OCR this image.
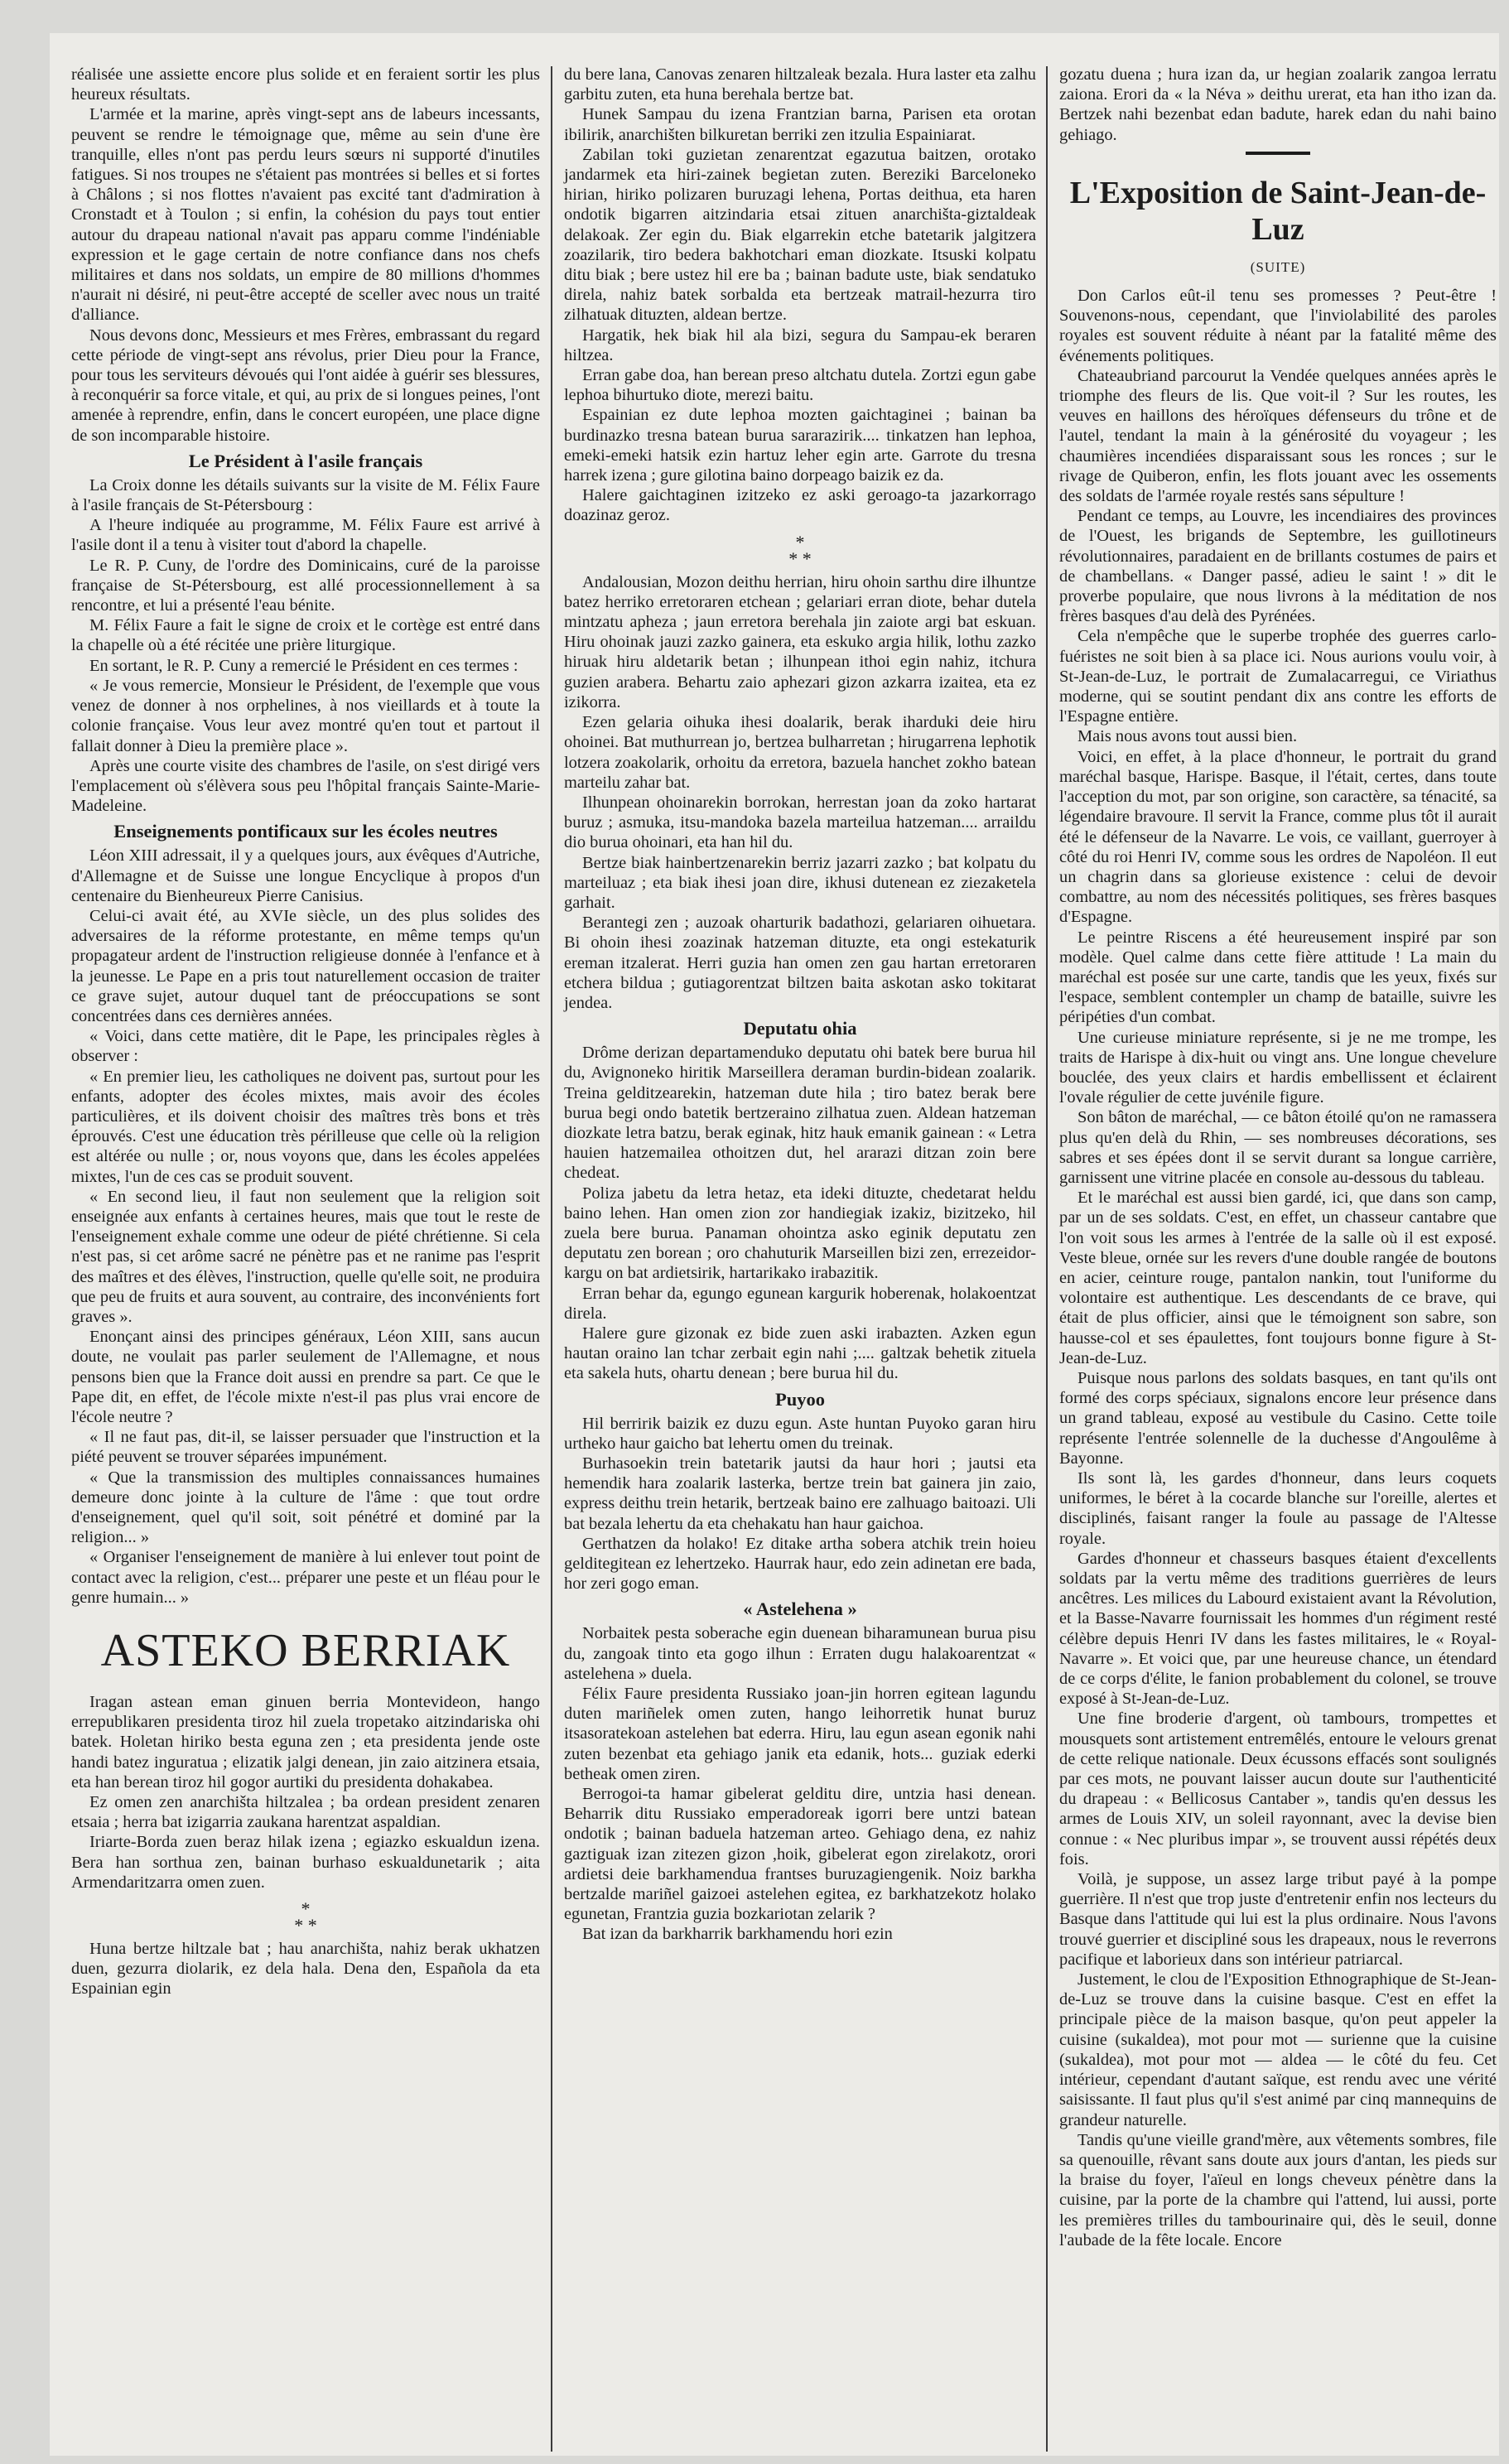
réalisée une assiette encore plus solide et en feraient sortir les plus heureux résultats.

L'armée et la marine, après vingt-sept ans de labeurs incessants, peuvent se rendre le témoignage que, même au sein d'une ère tranquille, elles n'ont pas perdu leurs sœurs ni supporté d'inutiles fatigues. Si nos troupes ne s'étaient pas montrées si belles et si fortes à Châlons ; si nos flottes n'avaient pas excité tant d'admiration à Cronstadt et à Toulon ; si enfin, la cohésion du pays tout entier autour du drapeau national n'avait pas apparu comme l'indéniable expression et le gage certain de notre confiance dans nos chefs militaires et dans nos soldats, un empire de 80 millions d'hommes n'aurait ni désiré, ni peut-être accepté de sceller avec nous un traité d'alliance.

Nous devons donc, Messieurs et mes Frères, embrassant du regard cette période de vingt-sept ans révolus, prier Dieu pour la France, pour tous les serviteurs dévoués qui l'ont aidée à guérir ses blessures, à reconquérir sa force vitale, et qui, au prix de si longues peines, l'ont amenée à reprendre, enfin, dans le concert européen, une place digne de son incomparable histoire.

Le Président à l'asile français

La Croix donne les détails suivants sur la visite de M. Félix Faure à l'asile français de St-Pétersbourg :

A l'heure indiquée au programme, M. Félix Faure est arrivé à l'asile dont il a tenu à visiter tout d'abord la chapelle.

Le R. P. Cuny, de l'ordre des Dominicains, curé de la paroisse française de St-Pétersbourg, est allé processionnellement à sa rencontre, et lui a présenté l'eau bénite.

M. Félix Faure a fait le signe de croix et le cortège est entré dans la chapelle où a été récitée une prière liturgique.

En sortant, le R. P. Cuny a remercié le Président en ces termes :

« Je vous remercie, Monsieur le Président, de l'exemple que vous venez de donner à nos orphelines, à nos vieillards et à toute la colonie française. Vous leur avez montré qu'en tout et partout il fallait donner à Dieu la première place ».

Après une courte visite des chambres de l'asile, on s'est dirigé vers l'emplacement où s'élèvera sous peu l'hôpital français Sainte-Marie-Madeleine.

Enseignements pontificaux sur les écoles neutres

Léon XIII adressait, il y a quelques jours, aux évêques d'Autriche, d'Allemagne et de Suisse une longue Encyclique à propos d'un centenaire du Bienheureux Pierre Canisius.

Celui-ci avait été, au XVIe siècle, un des plus solides des adversaires de la réforme protestante, en même temps qu'un propagateur ardent de l'instruction religieuse donnée à l'enfance et à la jeunesse. Le Pape en a pris tout naturellement occasion de traiter ce grave sujet, autour duquel tant de préoccupations se sont concentrées dans ces dernières années.

« Voici, dans cette matière, dit le Pape, les principales règles à observer :

« En premier lieu, les catholiques ne doivent pas, surtout pour les enfants, adopter des écoles mixtes, mais avoir des écoles particulières, et ils doivent choisir des maîtres très bons et très éprouvés. C'est une éducation très périlleuse que celle où la religion est altérée ou nulle ; or, nous voyons que, dans les écoles appelées mixtes, l'un de ces cas se produit souvent.

« En second lieu, il faut non seulement que la religion soit enseignée aux enfants à certaines heures, mais que tout le reste de l'enseignement exhale comme une odeur de piété chrétienne. Si cela n'est pas, si cet arôme sacré ne pénètre pas et ne ranime pas l'esprit des maîtres et des élèves, l'instruction, quelle qu'elle soit, ne produira que peu de fruits et aura souvent, au contraire, des inconvénients fort graves ».

Enonçant ainsi des principes généraux, Léon XIII, sans aucun doute, ne voulait pas parler seulement de l'Allemagne, et nous pensons bien que la France doit aussi en prendre sa part. Ce que le Pape dit, en effet, de l'école mixte n'est-il pas plus vrai encore de l'école neutre ?

« Il ne faut pas, dit-il, se laisser persuader que l'instruction et la piété peuvent se trouver séparées impunément.

« Que la transmission des multiples connaissances humaines demeure donc jointe à la culture de l'âme : que tout ordre d'enseignement, quel qu'il soit, soit pénétré et dominé par la religion... »

« Organiser l'enseignement de manière à lui enlever tout point de contact avec la religion, c'est... préparer une peste et un fléau pour le genre humain... »

ASTEKO BERRIAK

Iragan astean eman ginuen berria Montevideon, hango errepublikaren presidenta tiroz hil zuela tropetako aitzindariska ohi batek. Holetan hiriko besta eguna zen ; eta presidenta jende oste handi batez inguratua ; elizatik jalgi denean, jin zaio aitzinera etsaia, eta han berean tiroz hil gogor aurtiki du presidenta dohakabea.

Ez omen zen anarchišta hiltzalea ; ba ordean president zenaren etsaia ; herra bat izigarria zaukana harentzat aspaldian.

Iriarte-Borda zuen beraz hilak izena ; egiazko eskualdun izena. Bera han sorthua zen, bainan burhaso eskualdunetarik ; aita Armendaritzarra omen zuen.

*
* *

Huna bertze hiltzale bat ; hau anarchišta, nahiz berak ukhatzen duen, gezurra diolarik, ez dela hala. Dena den, Española da eta Espainian egin

du bere lana, Canovas zenaren hiltzaleak bezala. Hura laster eta zalhu garbitu zuten, eta huna berehala bertze bat.

Hunek Sampau du izena Frantzian barna, Parisen eta orotan ibilirik, anarchišten bilkuretan berriki zen itzulia Espainiarat.

Zabilan toki guzietan zenarentzat egazutua baitzen, orotako jandarmek eta hiri-zainek begietan zuten. Bereziki Barceloneko hirian, hiriko polizaren buruzagi lehena, Portas deithua, eta haren ondotik bigarren aitzindaria etsai zituen anarchišta-giztaldeak delakoak. Zer egin du. Biak elgarrekin etche batetarik jalgitzera zoazilarik, tiro bedera bakhotchari eman diozkate. Itsuski kolpatu ditu biak ; bere ustez hil ere ba ; bainan badute uste, biak sendatuko direla, nahiz batek sorbalda eta bertzeak matrail-hezurra tiro zilhatuak dituzten, aldean bertze.

Hargatik, hek biak hil ala bizi, segura du Sampau-ek beraren hiltzea.

Erran gabe doa, han berean preso altchatu dutela. Zortzi egun gabe lephoa bihurtuko diote, merezi baitu.

Espainian ez dute lephoa mozten gaichtaginei ; bainan ba burdinazko tresna batean burua sararazirik.... tinkatzen han lephoa, emeki-emeki hatsik ezin hartuz leher egin arte. Garrote du tresna harrek izena ; gure gilotina baino dorpeago baizik ez da.

Halere gaichtaginen izitzeko ez aski geroago-ta jazarkorrago doazinaz geroz.

*
* *

Andalousian, Mozon deithu herrian, hiru ohoin sarthu dire ilhuntze batez herriko erretoraren etchean ; gelariari erran diote, behar dutela mintzatu apheza ; jaun erretora berehala jin zaiote argi bat eskuan. Hiru ohoinak jauzi zazko gainera, eta eskuko argia hilik, lothu zazko hiruak hiru aldetarik betan ; ilhunpean ithoi egin nahiz, itchura guzien arabera. Behartu zaio aphezari gizon azkarra izaitea, eta ez izikorra.

Ezen gelaria oihuka ihesi doalarik, berak iharduki deie hiru ohoinei. Bat muthurrean jo, bertzea bulharretan ; hirugarrena lephotik lotzera zoakolarik, orhoitu da erretora, bazuela hanchet zokho batean marteilu zahar bat.

Ilhunpean ohoinarekin borrokan, herrestan joan da zoko hartarat buruz ; asmuka, itsu-mandoka bazela marteilua hatzeman.... arraildu dio burua ohoinari, eta han hil du.

Bertze biak hainbertzenarekin berriz jazarri zazko ; bat kolpatu du marteiluaz ; eta biak ihesi joan dire, ikhusi dutenean ez ziezaketela garhait.

Berantegi zen ; auzoak oharturik badathozi, gelariaren oihuetara. Bi ohoin ihesi zoazinak hatzeman dituzte, eta ongi estekaturik ereman itzalerat. Herri guzia han omen zen gau hartan erretoraren etchera bildua ; gutiagorentzat biltzen baita askotan asko tokitarat jendea.

Deputatu ohia

Drôme derizan departamenduko deputatu ohi batek bere burua hil du, Avignoneko hiritik Marseillera deraman burdin-bidean zoalarik. Treina gelditzearekin, hatzeman dute hila ; tiro batez berak bere burua begi ondo batetik bertzeraino zilhatua zuen. Aldean hatzeman diozkate letra batzu, berak eginak, hitz hauk emanik gainean : « Letra hauien hatzemailea othoitzen dut, hel ararazi ditzan zoin bere chedeat.

Poliza jabetu da letra hetaz, eta ideki dituzte, chedetarat heldu baino lehen. Han omen zion zor handiegiak izakiz, bizitzeko, hil zuela bere burua. Panaman ohointza asko eginik deputatu zen deputatu zen borean ; oro chahuturik Marseillen bizi zen, errezeidor-kargu on bat ardietsirik, hartarikako irabazitik.

Erran behar da, egungo egunean kargurik hoberenak, holakoentzat direla.

Halere gure gizonak ez bide zuen aski irabazten. Azken egun hautan oraino lan tchar zerbait egin nahi ;.... galtzak behetik zituela eta sakela huts, ohartu denean ; bere burua hil du.

Puyoo

Hil berririk baizik ez duzu egun. Aste huntan Puyoko garan hiru urtheko haur gaicho bat lehertu omen du treinak.

Burhasoekin trein batetarik jautsi da haur hori ; jautsi eta hemendik hara zoalarik lasterka, bertze trein bat gainera jin zaio, express deithu trein hetarik, bertzeak baino ere zalhuago baitoazi. Uli bat bezala lehertu da eta chehakatu han haur gaichoa.

Gerthatzen da holako! Ez ditake artha sobera atchik trein hoieu gelditegitean ez lehertzeko. Haurrak haur, edo zein adinetan ere bada, hor zeri gogo eman.

« Astelehena »

Norbaitek pesta soberache egin duenean biharamunean burua pisu du, zangoak tinto eta gogo ilhun : Erraten dugu halakoarentzat « astelehena » duela.

Félix Faure presidenta Russiako joan-jin horren egitean lagundu duten mariñelek omen zuten, hango leihorretik hunat buruz itsasoratekoan astelehen bat ederra. Hiru, lau egun asean egonik nahi zuten bezenbat eta gehiago janik eta edanik, hots... guziak ederki betheak omen ziren.

Berrogoi-ta hamar gibelerat gelditu dire, untzia hasi denean. Beharrik ditu Russiako emperadoreak igorri bere untzi batean ondotik ; bainan baduela hatzeman arteo. Gehiago dena, ez nahiz gaztiguak izan zitezen gizon ,hoik, gibelerat egon zirelakotz, orori ardietsi deie barkhamendua frantses buruzagiengenik. Noiz barkha bertzalde mariñel gaizoei astelehen egitea, ez barkhatzekotz holako egunetan, Frantzia guzia bozkariotan zelarik ?

Bat izan da barkharrik barkhamendu hori ezin

gozatu duena ; hura izan da, ur hegian zoalarik zangoa lerratu zaiona. Erori da « la Néva » deithu urerat, eta han itho izan da. Bertzek nahi bezenbat edan badute, harek edan du nahi baino gehiago.

L'Exposition de Saint-Jean-de-Luz
(SUITE)

Don Carlos eût-il tenu ses promesses ? Peut-être ! Souvenons-nous, cependant, que l'inviolabilité des paroles royales est souvent réduite à néant par la fatalité même des événements politiques.

Chateaubriand parcourut la Vendée quelques années après le triomphe des fleurs de lis. Que voit-il ? Sur les routes, les veuves en haillons des héroïques défenseurs du trône et de l'autel, tendant la main à la générosité du voyageur ; les chaumières incendiées disparaissant sous les ronces ; sur le rivage de Quiberon, enfin, les flots jouant avec les ossements des soldats de l'armée royale restés sans sépulture !

Pendant ce temps, au Louvre, les incendiaires des provinces de l'Ouest, les brigands de Septembre, les guillotineurs révolutionnaires, paradaient en de brillants costumes de pairs et de chambellans. « Danger passé, adieu le saint ! » dit le proverbe populaire, que nous livrons à la méditation de nos frères basques d'au delà des Pyrénées.

Cela n'empêche que le superbe trophée des guerres carlo-fuéristes ne soit bien à sa place ici. Nous aurions voulu voir, à St-Jean-de-Luz, le portrait de Zumalacarregui, ce Viriathus moderne, qui se soutint pendant dix ans contre les efforts de l'Espagne entière.

Mais nous avons tout aussi bien.

Voici, en effet, à la place d'honneur, le portrait du grand maréchal basque, Harispe. Basque, il l'était, certes, dans toute l'acception du mot, par son origine, son caractère, sa ténacité, sa légendaire bravoure. Il servit la France, comme plus tôt il aurait été le défenseur de la Navarre. Le vois, ce vaillant, guerroyer à côté du roi Henri IV, comme sous les ordres de Napoléon. Il eut un chagrin dans sa glorieuse existence : celui de devoir combattre, au nom des nécessités politiques, ses frères basques d'Espagne.

Le peintre Riscens a été heureusement inspiré par son modèle. Quel calme dans cette fière attitude ! La main du maréchal est posée sur une carte, tandis que les yeux, fixés sur l'espace, semblent contempler un champ de bataille, suivre les péripéties d'un combat.

Une curieuse miniature représente, si je ne me trompe, les traits de Harispe à dix-huit ou vingt ans. Une longue chevelure bouclée, des yeux clairs et hardis embellissent et éclairent l'ovale régulier de cette juvénile figure.

Son bâton de maréchal, — ce bâton étoilé qu'on ne ramassera plus qu'en delà du Rhin, — ses nombreuses décorations, ses sabres et ses épées dont il se servit durant sa longue carrière, garnissent une vitrine placée en console au-dessous du tableau.

Et le maréchal est aussi bien gardé, ici, que dans son camp, par un de ses soldats. C'est, en effet, un chasseur cantabre que l'on voit sous les armes à l'entrée de la salle où il est exposé. Veste bleue, ornée sur les revers d'une double rangée de boutons en acier, ceinture rouge, pantalon nankin, tout l'uniforme du volontaire est authentique. Les descendants de ce brave, qui était de plus officier, ainsi que le témoignent son sabre, son hausse-col et ses épaulettes, font toujours bonne figure à St-Jean-de-Luz.

Puisque nous parlons des soldats basques, en tant qu'ils ont formé des corps spéciaux, signalons encore leur présence dans un grand tableau, exposé au vestibule du Casino. Cette toile représente l'entrée solennelle de la duchesse d'Angoulême à Bayonne.

Ils sont là, les gardes d'honneur, dans leurs coquets uniformes, le béret à la cocarde blanche sur l'oreille, alertes et disciplinés, faisant ranger la foule au passage de l'Altesse royale.

Gardes d'honneur et chasseurs basques étaient d'excellents soldats par la vertu même des traditions guerrières de leurs ancêtres. Les milices du Labourd existaient avant la Révolution, et la Basse-Navarre fournissait les hommes d'un régiment resté célèbre depuis Henri IV dans les fastes militaires, le « Royal-Navarre ». Et voici que, par une heureuse chance, un étendard de ce corps d'élite, le fanion probablement du colonel, se trouve exposé à St-Jean-de-Luz.

Une fine broderie d'argent, où tambours, trompettes et mousquets sont artistement entremêlés, entoure le velours grenat de cette relique nationale. Deux écussons effacés sont soulignés par ces mots, ne pouvant laisser aucun doute sur l'authenticité du drapeau : « Bellicosus Cantaber », tandis qu'en dessus les armes de Louis XIV, un soleil rayonnant, avec la devise bien connue : « Nec pluribus impar », se trouvent aussi répétés deux fois.

Voilà, je suppose, un assez large tribut payé à la pompe guerrière. Il n'est que trop juste d'entretenir enfin nos lecteurs du Basque dans l'attitude qui lui est la plus ordinaire. Nous l'avons trouvé guerrier et discipliné sous les drapeaux, nous le reverrons pacifique et laborieux dans son intérieur patriarcal.

Justement, le clou de l'Exposition Ethnographique de St-Jean-de-Luz se trouve dans la cuisine basque. C'est en effet la principale pièce de la maison basque, qu'on peut appeler la cuisine (sukaldea), mot pour mot — surienne que la cuisine (sukaldea), mot pour mot — aldea — le côté du feu. Cet intérieur, cependant d'autant saïque, est rendu avec une vérité saisissante. Il faut plus qu'il s'est animé par cinq mannequins de grandeur naturelle.

Tandis qu'une vieille grand'mère, aux vêtements sombres, file sa quenouille, rêvant sans doute aux jours d'antan, les pieds sur la braise du foyer, l'aïeul en longs cheveux pénètre dans la cuisine, par la porte de la chambre qui l'attend, lui aussi, porte les premières trilles du tambourinaire qui, dès le seuil, donne l'aubade de la fête locale. Encore
